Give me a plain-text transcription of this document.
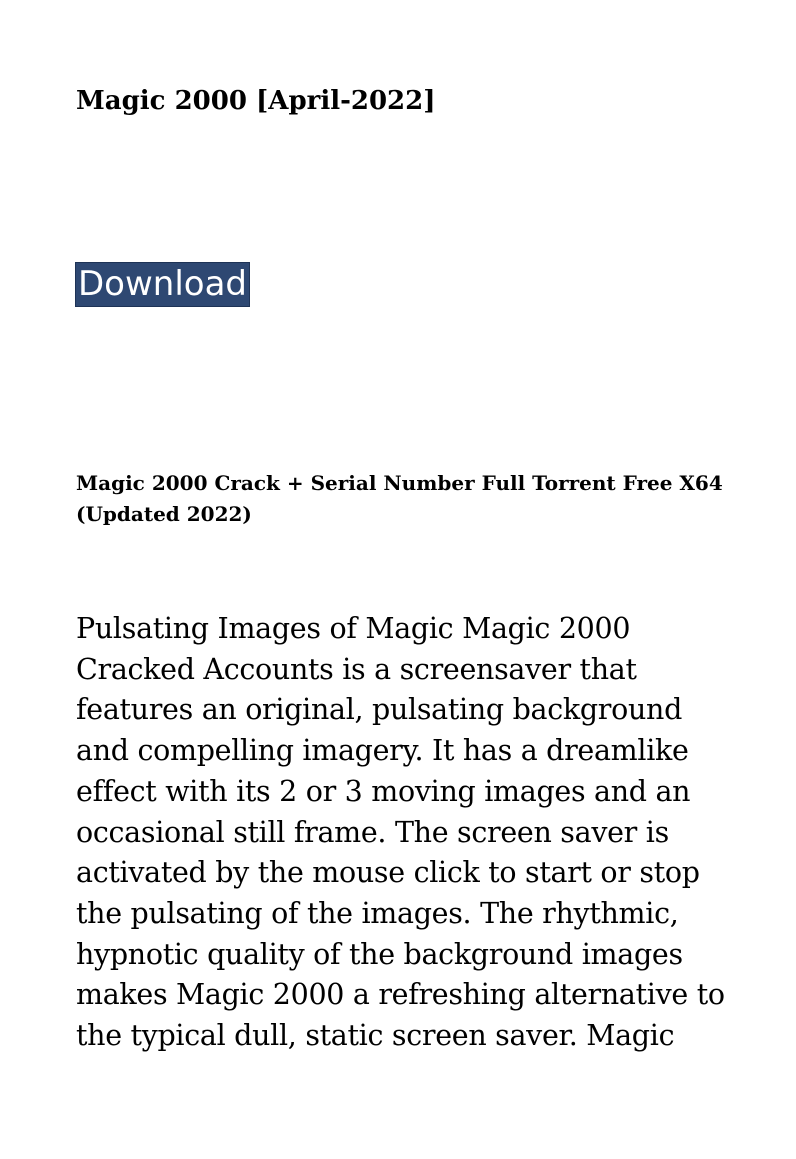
Magic 2000 [April-2022]
Download
Magic 2000 Crack + Serial Number Full Torrent Free X64 (Updated 2022)

Pulsating Images of Magic Magic 2000
Cracked Accounts is a screensaver that
features an original, pulsating background
and compelling imagery. It has a dreamlike
effect with its 2 or 3 moving images and an
occasional still frame. The screen saver is
activated by the mouse click to start or stop
the pulsating of the images. The rhythmic,
hypnotic quality of the background images
makes Magic 2000 a refreshing alternative to
the typical dull, static screen saver. Magic
